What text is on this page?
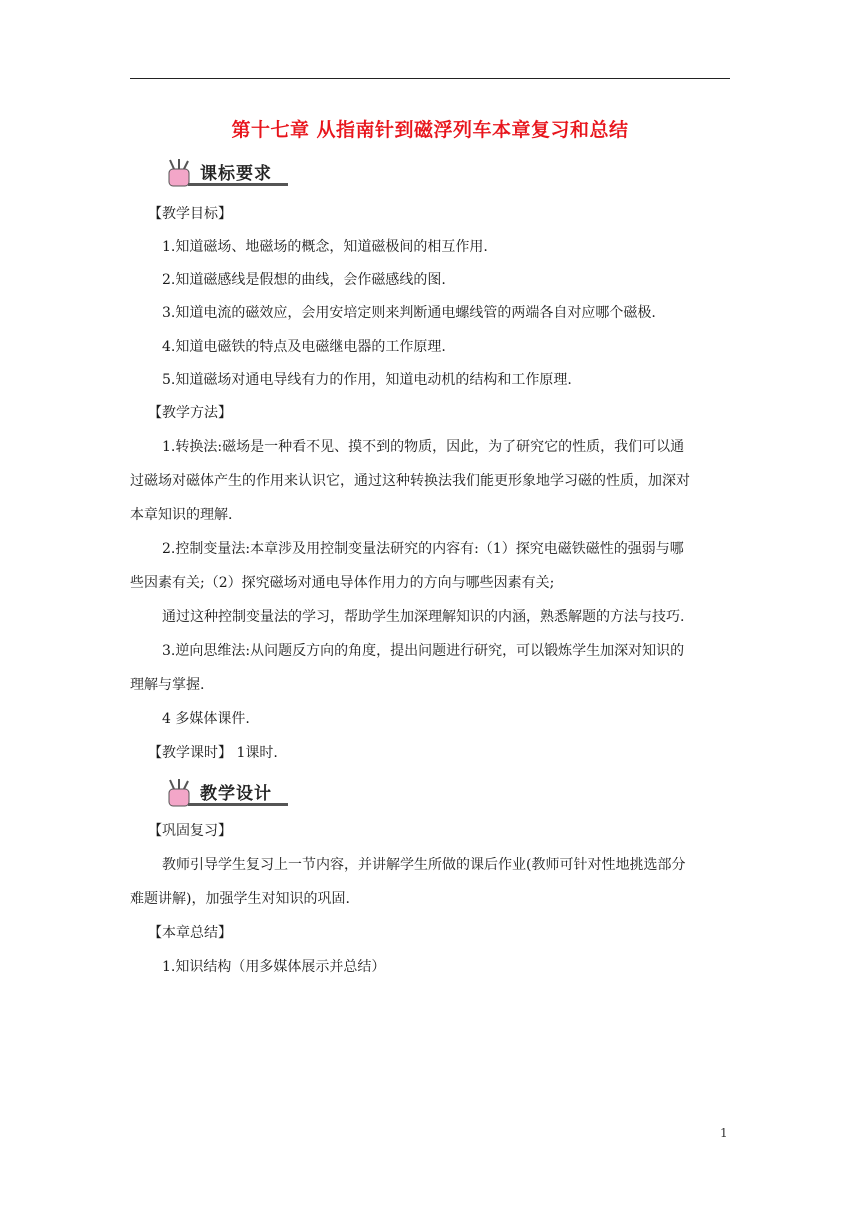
第十七章 从指南针到磁浮列车本章复习和总结
课标要求
【教学目标】
1.知道磁场、地磁场的概念，知道磁极间的相互作用.
2.知道磁感线是假想的曲线，会作磁感线的图.
3.知道电流的磁效应，会用安培定则来判断通电螺线管的两端各自对应哪个磁极.
4.知道电磁铁的特点及电磁继电器的工作原理.
5.知道磁场对通电导线有力的作用，知道电动机的结构和工作原理.
【教学方法】
1.转换法:磁场是一种看不见、摸不到的物质，因此，为了研究它的性质，我们可以通
过磁场对磁体产生的作用来认识它，通过这种转换法我们能更形象地学习磁的性质，加深对
本章知识的理解.
2.控制变量法:本章涉及用控制变量法研究的内容有:（1）探究电磁铁磁性的强弱与哪
些因素有关;（2）探究磁场对通电导体作用力的方向与哪些因素有关;
通过这种控制变量法的学习，帮助学生加深理解知识的内涵，熟悉解题的方法与技巧.
3.逆向思维法:从问题反方向的角度，提出问题进行研究，可以锻炼学生加深对知识的
理解与掌握.
4 多媒体课件.
【教学课时】 1课时.
教学设计
【巩固复习】
教师引导学生复习上一节内容，并讲解学生所做的课后作业(教师可针对性地挑选部分
难题讲解)，加强学生对知识的巩固.
【本章总结】
1.知识结构（用多媒体展示并总结）
1
